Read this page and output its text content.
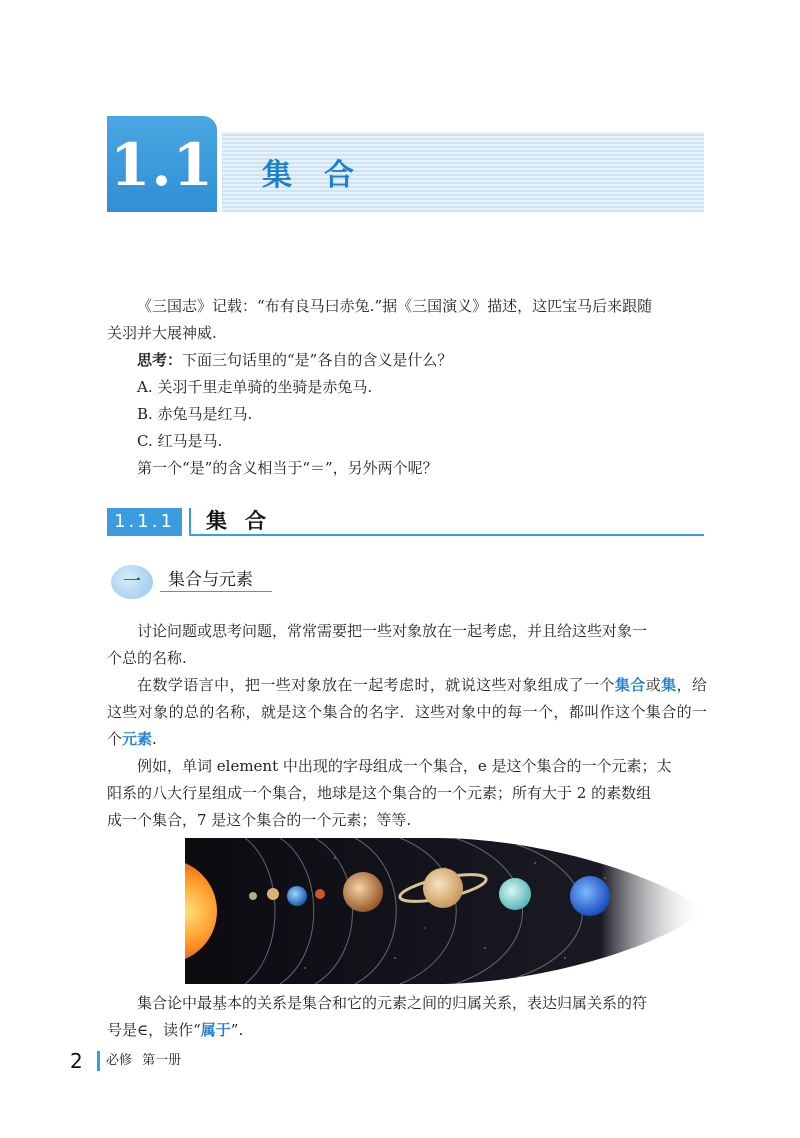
1.1 集合
《三国志》记载：“布有良马曰赤兔.”据《三国演义》描述，这匹宝马后来跟随
关羽并大展神威.
思考：下面三句话里的“是”各自的含义是什么？
A. 关羽千里走单骑的坐骑是赤兔马.
B. 赤兔马是红马.
C. 红马是马.
第一个“是”的含义相当于“＝”，另外两个呢？
1.1.1	集合
一	集合与元素
讨论问题或思考问题，常常需要把一些对象放在一起考虑，并且给这些对象一
个总的名称.
在数学语言中，把一些对象放在一起考虑时，就说这些对象组成了一个集合或集，给这些对象的总的名称，就是这个集合的名字．这些对象中的每一个，都叫作这个集合的一个元素.
例如，单词 element 中出现的字母组成一个集合，e 是这个集合的一个元素；太
阳系的八大行星组成一个集合，地球是这个集合的一个元素；所有大于 2 的素数组
成一个集合，7 是这个集合的一个元素；等等.
集合论中最基本的关系是集合和它的元素之间的归属关系，表达归属关系的符
号是∈，读作“属于”.
2 必修 第一册
